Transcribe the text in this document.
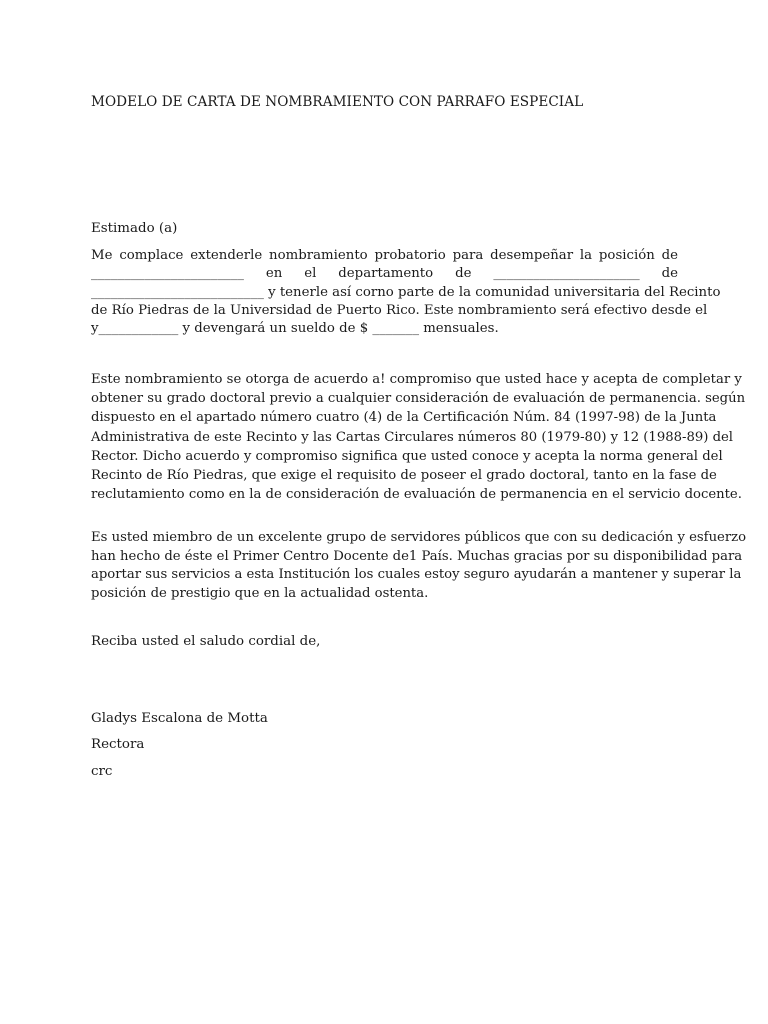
MODELO DE CARTA DE NOMBRAMIENTO CON PARRAFO ESPECIAL
Estimado (a)
Me complace extenderle nombramiento probatorio para desempeñar la posición de
_______________________ en el departamento de ______________________ de
__________________________ y tenerle así corno parte de la comunidad universitaria del Recinto
de Río Piedras de la Universidad de Puerto Rico. Este nombramiento será efectivo desde el
y____________ y devengará un sueldo de $ _______ mensuales.
Este nombramiento se otorga de acuerdo a! compromiso que usted hace y acepta de completar y
obtener su grado doctoral previo a cualquier consideración de evaluación de permanencia. según
dispuesto en el apartado número cuatro (4) de la Certificación Núm. 84 (1997-98) de la Junta
Administrativa de este Recinto y las Cartas Circulares números 80 (1979-80) y 12 (1988-89) del
Rector. Dicho acuerdo y compromiso significa que usted conoce y acepta la norma general del
Recinto de Río Piedras, que exige el requisito de poseer el grado doctoral, tanto en la fase de
reclutamiento como en la de consideración de evaluación de permanencia en el servicio docente.
Es usted miembro de un excelente grupo de servidores públicos que con su dedicación y esfuerzo
han hecho de éste el Primer Centro Docente de1 País. Muchas gracias por su disponibilidad para
aportar sus servicios a esta Institución los cuales estoy seguro ayudarán a mantener y superar la
posición de prestigio que en la actualidad ostenta.
Reciba usted el saludo cordial de,
Gladys Escalona de Motta
Rectora
crc
